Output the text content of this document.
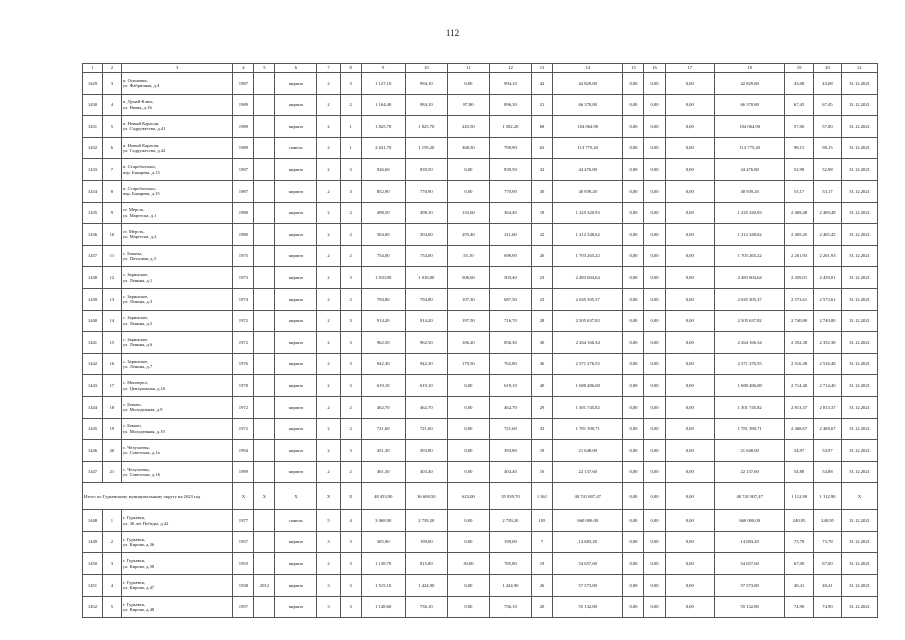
112
1	2	3	4	5	6	7	8	9	10	11	12	13	14	15	16	17	18	19	20	21
1429	3	п. Осиповка,
ул. Фабричная, д.4	1987		кирпич	2	3	1 127,10	994,10	0,00	994,10	42	42 829,80	0,00	0,00	0,00	42 829,80	43,08	43,08	31.12.2021
1430	4	п. Дунай-Ключ,
ул. Новая, д.16	1989		кирпич	2	2	1 164,40	984,10	87,80	896,30	21	66 370,80	0,00	0,00	0,00	66 370,80	67,45	67,45	31.12.2021
1431	5	п. Новый Карасаи,
ул. Содружества, д.41	1989		кирпич	2	1	1 825,70	1 825,70	243,50	1 582,20	68	104 064,90	0,00	0,00	0,00	104 064,90	57,00	57,00	31.12.2021
1432	6	п. Новый Карасаи,
ул. Содружества, д.42	1989		панель	2	1	2 631,70	1 159,20	368,30	790,90	63	113 775,20	0,00	0,00	0,00	113 775,20	98,15	98,15	31.12.2021
1433	7	п. Старобалтыш,
пер. Бакарева, д.13	1987		кирпич	2	3	926,60	839,50	0,00	839,50	32	44 476,80	0,00	0,00	0,00	44 476,80	52,98	52,98	31.12.2021
1434	8	п. Старобалтыш,
пер. Бакарева, д.15	1987		кирпич	2	3	852,90	770,90	0,00	770,90	30	40 939,20	0,00	0,00	0,00	40 939,20	53,17	53,17	31.12.2021
1435	9	ст. Мерсть,
ул. Мартеска, д.1	1980		кирпич	2	2	498,50	498,10	133,60	364,40	18	1 225 320,93	0,00	0,00	0,00	1 225 320,93	2 469,48	2 469,48	31.12.2021
1436	10	ст. Мерсть,
ул. Мартеска, д.2	1980		кирпич	2	2	504,00	504,00	293,40	211,60	22	1 212 348,62	0,00	0,00	0,00	1 212 348,62	2 405,45	2 405,45	31.12.2021
1437	11	с. Бачаты,
ул. Почтовая, д.3	1975		кирпич	2	2	754,00	754,00	55,10	698,90	26	1 703 265,22	0,00	0,00	0,00	1 703 265,22	2 261,93	2 261,93	31.12.2021
1438	12	с. Заринское,
ул. Ленина, д.1	1973		кирпич	2	3	1 010,00	1 010,00	506,60	503,40	23	2 483 604,64	0,00	0,00	0,00	2 483 604,64	2 459,01	2 459,01	31.12.2021
1439	13	с. Заринское,
ул. Ленина, д.3	1974		кирпич	2	2	794,80	794,80	107,30	687,50	23	2 045 505,37	0,00	0,00	0,00	2 045 505,37	2 573,61	2 573,61	31.12.2021
1440	14	с. Заринское,
ул. Ленина, д.5	1972		кирпич	2	3	914,20	914,20	197,50	716,70	28	2 505 637,82	0,00	0,00	0,00	2 505 637,82	2 740,80	2 740,80	31.12.2021
1441	15	с. Заринское,
ул. Ленина, д.6	1972		кирпич	2	3	962,50	962,50	106,20	856,30	30	2 264 166,34	0,00	0,00	0,00	2 264 166,34	2 352,38	2 352,38	31.12.2021
1442	16	с. Заринское,
ул. Ленина, д.7	1976		кирпич	2	3	942,30	942,30	179,50	762,80	36	2 371 276,55	0,00	0,00	0,00	2 371 276,55	2 516,48	2 516,48	31.12.2021
1443	17	с. Менчерел,
ул. Центральная, д.16	1978		кирпич	2	3	619,10	619,10	0,00	619,10	40	1 680 486,08	0,00	0,00	0,00	1 680 486,08	2 714,40	2 714,40	31.12.2021
1444	18	с. Беково,
ул. Молодежная, д.9	1972		кирпич	2	2	462,70	462,70	0,00	462,70	29	1 301 745,82	0,00	0,00	0,00	1 301 745,82	2 813,37	2 813,37	31.12.2021
1445	19	с. Беково,
ул. Молодежная, д.10	1972		кирпич	2	2	721,60	721,60	0,00	721,60	32	1 781 390,71	0,00	0,00	0,00	1 781 390,71	2 468,67	2 468,67	31.12.2021
1446	20	с. Челухоевы,
ул. Советская, д.1а	1994		кирпич	2	3	451,30	393,80	0,00	393,80	18	21 648,00	0,00	0,00	0,00	21 648,00	54,97	54,97	31.12.2021
1447	21	с. Челухоевы,
ул. Советская, д.16	1989		кирпич	2	2	461,30	403,40	0,00	403,40	16	22 137,60	0,00	0,00	0,00	22 137,60	54,88	54,88	31.12.2021
Итого по Гурьевскому муниципальному округу на 2023 год			X	X	X	X	X	48 453,90	36 608,50	623,00	35 939,70	1 361	40 741 807,47	0,00	0,00	0,00	40 741 807,47	1 112,90	1 112,90	X
1448	1	г. Гурьевск,
ул. 30 лет Победы, д.42	1977		панель	5	4	3 068,90	2 739,20	0,00	2 739,20	105	660 000,00	0,00	0,00	0,00	660 000,00	240,95	240,95	31.12.2021
1449	2	г. Гурьевск,
ул. Кирова, д.36	1957		кирпич	3	3	305,90	199,00	0,00	199,00	7	14 683,20	0,00	0,00	0,00	14 683,20	73,78	73,78	31.12.2021
1450	3	г. Гурьевск,
ул. Кирова, д.38	1953		кирпич	2	3	1 138,70	815,80	30,00	785,80	19	54 657,60	0,00	0,00	0,00	54 657,60	67,00	67,00	31.12.2021
1451	4	г. Гурьевск,
ул. Кирова, д.47	1938	2012	кирпич	3	3	1 515,10	1 424,90	0,00	1 424,90	26	57 573,80	0,00	0,00	0,00	57 573,80	40,41	40,41	31.12.2021
1452	5	г. Гурьевск,
ул. Кирова, д.48	1957		кирпич	3	3	1 148,60	736,10	0,00	736,10	20	55 132,80	0,00	0,00	0,00	55 132,80	74,90	74,90	31.12.2021
